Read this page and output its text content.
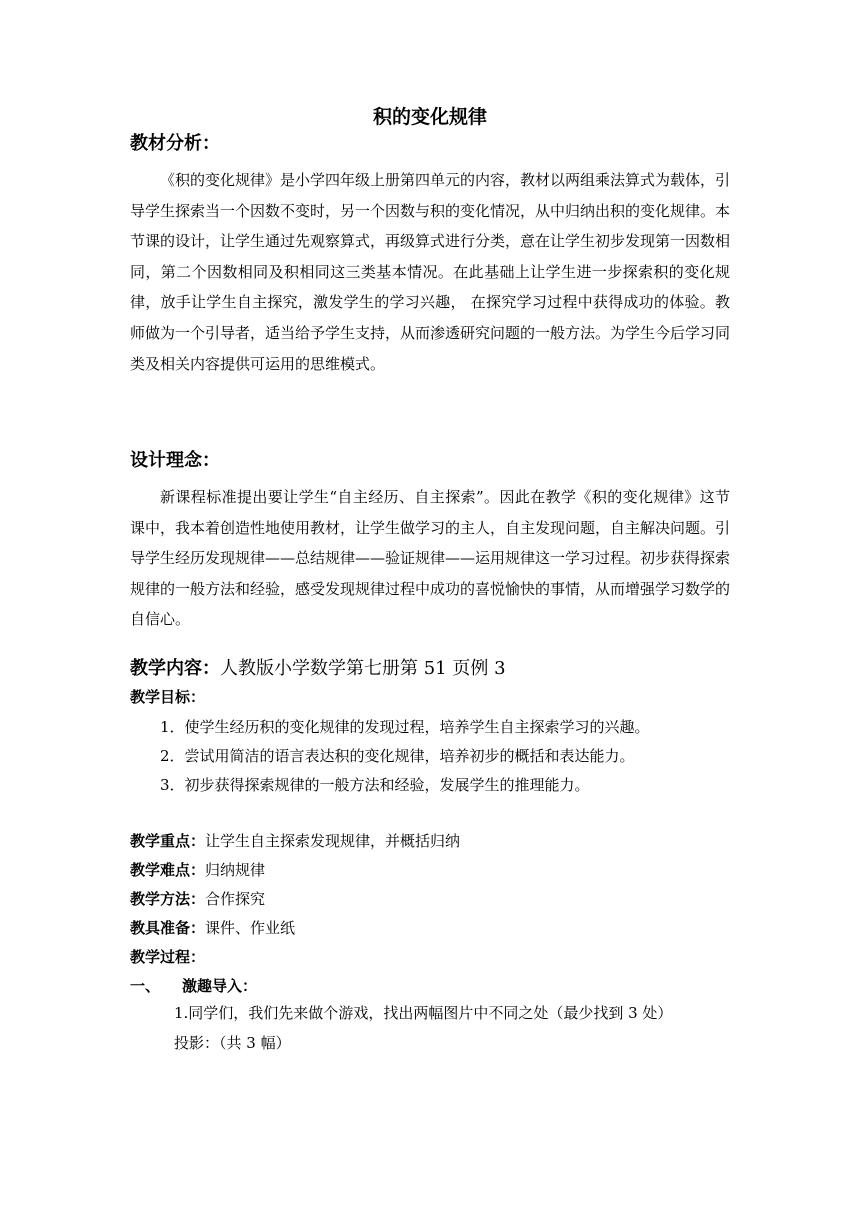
积的变化规律
教材分析：
《积的变化规律》是小学四年级上册第四单元的内容，教材以两组乘法算式为载体，引导学生探索当一个因数不变时，另一个因数与积的变化情况，从中归纳出积的变化规律。本节课的设计，让学生通过先观察算式，再级算式进行分类，意在让学生初步发现第一因数相同，第二个因数相同及积相同这三类基本情况。在此基础上让学生进一步探索积的变化规律，放手让学生自主探究，激发学生的学习兴趣， 在探究学习过程中获得成功的体验。教师做为一个引导者，适当给予学生支持，从而渗透研究问题的一般方法。为学生今后学习同类及相关内容提供可运用的思维模式。
设计理念：
新课程标准提出要让学生“自主经历、自主探索”。因此在教学《积的变化规律》这节课中，我本着创造性地使用教材，让学生做学习的主人，自主发现问题，自主解决问题。引导学生经历发现规律——总结规律——验证规律——运用规律这一学习过程。初步获得探索规律的一般方法和经验，感受发现规律过程中成功的喜悦愉快的事情，从而增强学习数学的自信心。
教学内容：人教版小学数学第七册第 51 页例 3
教学目标：
1．使学生经历积的变化规律的发现过程，培养学生自主探索学习的兴趣。
2．尝试用简洁的语言表达积的变化规律，培养初步的概括和表达能力。
3．初步获得探索规律的一般方法和经验，发展学生的推理能力。
教学重点：让学生自主探索发现规律，并概括归纳
教学难点：归纳规律
教学方法：合作探究
教具准备：课件、作业纸
教学过程：
一、 激趣导入：
1.同学们，我们先来做个游戏，找出两幅图片中不同之处（最少找到 3 处）
投影：（共 3 幅）
